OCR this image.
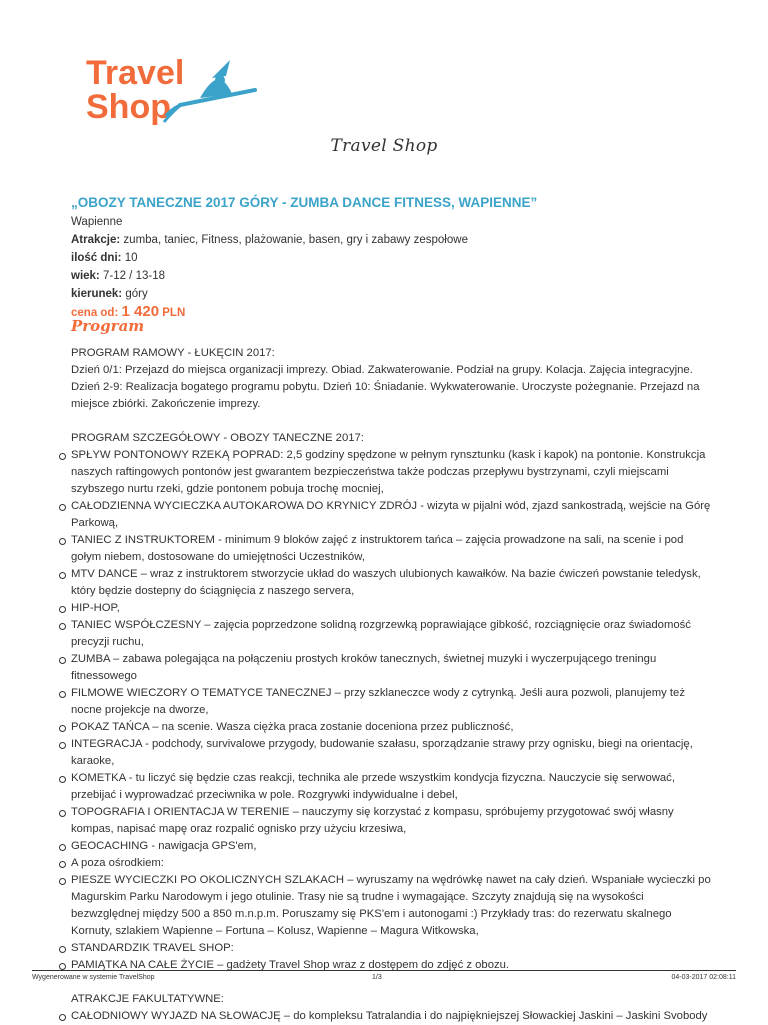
Travel
Shop
Travel Shop
„OBOZY TANECZNE 2017 GÓRY - ZUMBA DANCE FITNESS, WAPIENNE”
Wapienne
Atrakcje: zumba, taniec, Fitness, plażowanie, basen, gry i zabawy zespołowe
ilość dni: 10
wiek: 7-12 / 13-18
kierunek: góry
cena od: 1 420 PLN
Program

PROGRAM RAMOWY - ŁUKĘCIN 2017:

Dzień 0/1: Przejazd do miejsca organizacji imprezy. Obiad. Zakwaterowanie. Podział na grupy. Kolacja. Zajęcia integracyjne.

Dzień 2-9: Realizacja bogatego programu pobytu. Dzień 10: Śniadanie. Wykwaterowanie. Uroczyste pożegnanie. Przejazd na

miejsce zbiórki. Zakończenie imprezy.

PROGRAM SZCZEGÓŁOWY - OBOZY TANECZNE 2017:

SPŁYW PONTONOWY RZEKĄ POPRAD: 2,5 godziny spędzone w pełnym rynsztunku (kask i kapok) na pontonie. Konstrukcja naszych raftingowych pontonów jest gwarantem bezpieczeństwa także podczas przepływu bystrzynami, czyli miejscami szybszego nurtu rzeki, gdzie pontonem pobuja trochę mocniej,
CAŁODZIENNA WYCIECZKA AUTOKAROWA DO KRYNICY ZDRÓJ - wizyta w pijalni wód, zjazd sankostradą, wejście na Górę Parkową,
TANIEC Z INSTRUKTOREM - minimum 9 bloków zajęć z instruktorem tańca – zajęcia prowadzone na sali, na scenie i pod gołym niebem, dostosowane do umiejętności Uczestników,
MTV DANCE – wraz z instruktorem stworzycie układ do waszych ulubionych kawałków. Na bazie ćwiczeń powstanie teledysk, który będzie dostepny do ściągnięcia z naszego servera,
HIP-HOP,
TANIEC WSPÓŁCZESNY – zajęcia poprzedzone solidną rozgrzewką poprawiające gibkość, rozciągnięcie oraz świadomość precyzji ruchu,
ZUMBA – zabawa polegająca na połączeniu prostych kroków tanecznych, świetnej muzyki i wyczerpującego treningu fitnessowego
FILMOWE WIECZORY O TEMATYCE TANECZNEJ – przy szklaneczce wody z cytrynką. Jeśli aura pozwoli, planujemy też nocne projekcje na dworze,
POKAZ TAŃCA – na scenie. Wasza ciężka praca zostanie doceniona przez publiczność,
INTEGRACJA - podchody, survivalowe przygody, budowanie szałasu, sporządzanie strawy przy ognisku, biegi na orientację, karaoke,
KOMETKA - tu liczyć się będzie czas reakcji, technika ale przede wszystkim kondycja fizyczna. Nauczycie się serwować, przebijać i wyprowadzać przeciwnika w pole. Rozgrywki indywidualne i debel,
TOPOGRAFIA I ORIENTACJA W TERENIE – nauczymy się korzystać z kompasu, spróbujemy przygotować swój własny kompas, napisać mapę oraz rozpalić ognisko przy użyciu krzesiwa,
GEOCACHING - nawigacja GPS'em,
A poza ośrodkiem:
PIESZE WYCIECZKI PO OKOLICZNYCH SZLAKACH – wyruszamy na wędrówkę nawet na cały dzień. Wspaniałe wycieczki po Magurskim Parku Narodowym i jego otulinie. Trasy nie są trudne i wymagające. Szczyty znajdują się na wysokości bezwzględnej między 500 a 850 m.n.p.m. Poruszamy się PKS'em i autonogami :) Przykłady tras: do rezerwatu skalnego Kornuty, szlakiem Wapienne – Fortuna – Kolusz, Wapienne – Magura Witkowska,
STANDARDZIK TRAVEL SHOP:
PAMIĄTKA NA CAŁE ŻYCIE – gadżety Travel Shop wraz z dostępem do zdjęć z obozu.

ATRAKCJE FAKULTATYWNE:

CAŁODNIOWY WYJAZD NA SŁOWACJĘ – do kompleksu Tatralandia i do najpiękniejszej Słowackiej Jaskini – Jaskini Svobody
Wygenerowane w systemie TravelShop	1/3	04-03-2017 02:08:11
